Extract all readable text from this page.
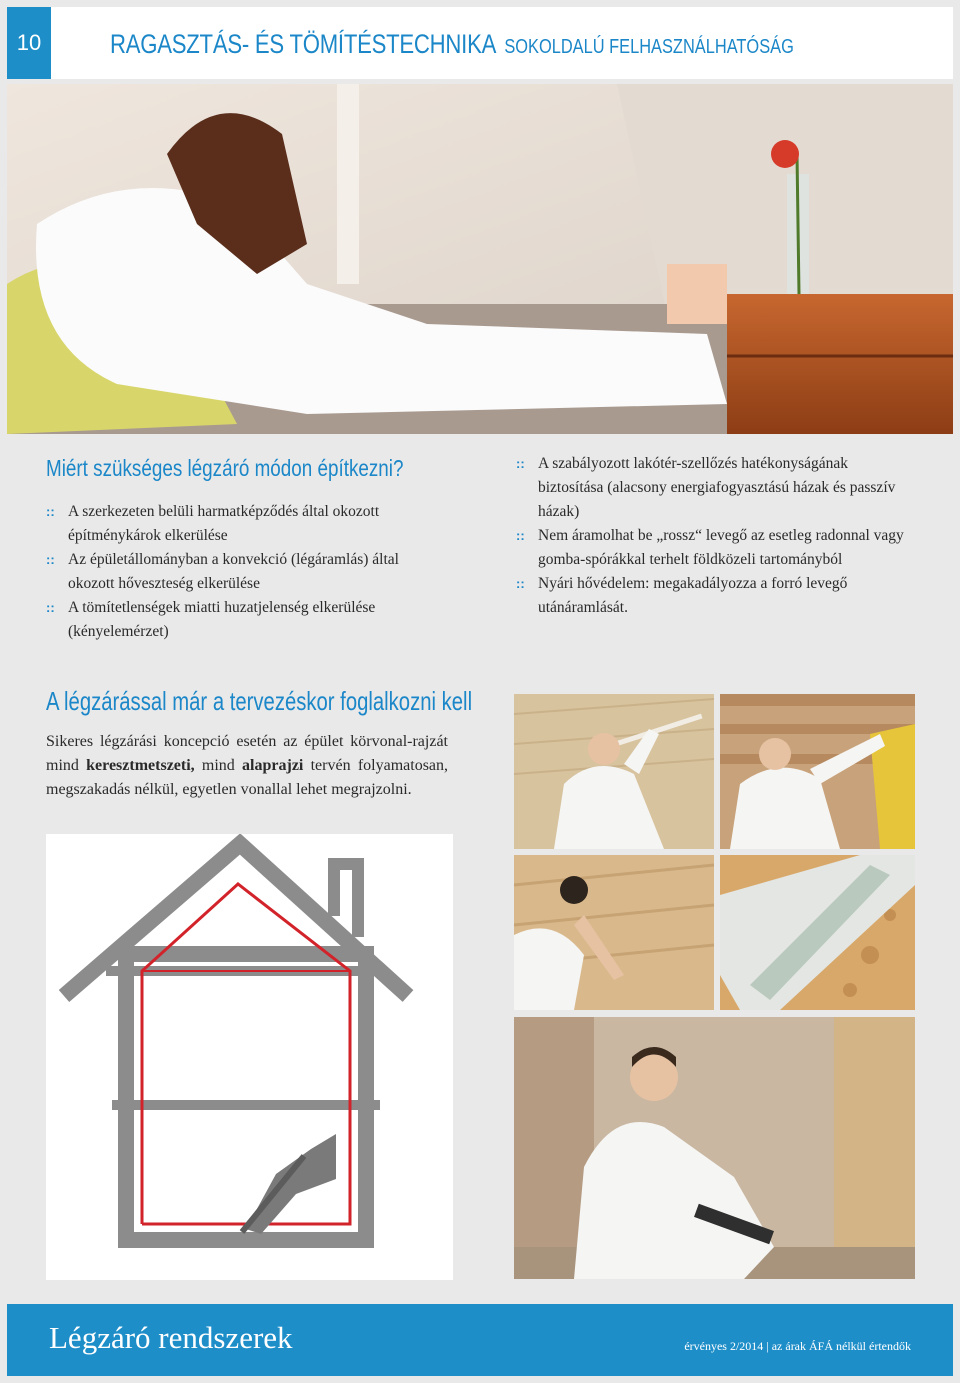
10	RAGASZTÁS- ÉS TÖMÍTÉSTECHNIKA SOKOLDALÚ FELHASZNÁLHATÓSÁG
Miért szükséges légzáró módon építkezni?
:: A szerkezeten belüli harmatképződés által okozott építménykárok elkerülése
:: Az épületállományban a konvekció (légáramlás) által okozott hőveszteség elkerülése
:: A tömítetlenségek miatti huzatjelenség elkerülése (kényelemérzet)
:: A szabályozott lakótér-szellőzés hatékonyságának biztosítása (alacsony energiafogyasztású házak és passzív házak)
:: Nem áramolhat be „rossz“ levegő az esetleg radonnal vagy gomba-spórákkal terhelt földközeli tartományból
:: Nyári hővédelem: megakadályozza a forró levegő utánáramlását.
A légzárással már a tervezéskor foglalkozni kell
Sikeres légzárási koncepció esetén az épület körvonal-rajzát mind keresztmetszeti, mind alaprajzi tervén folyamatosan, megszakadás nélkül, egyetlen vonallal lehet megrajzolni.
Légzáró rendszerek	érvényes 2/2014 | az árak ÁFÁ nélkül értendők
